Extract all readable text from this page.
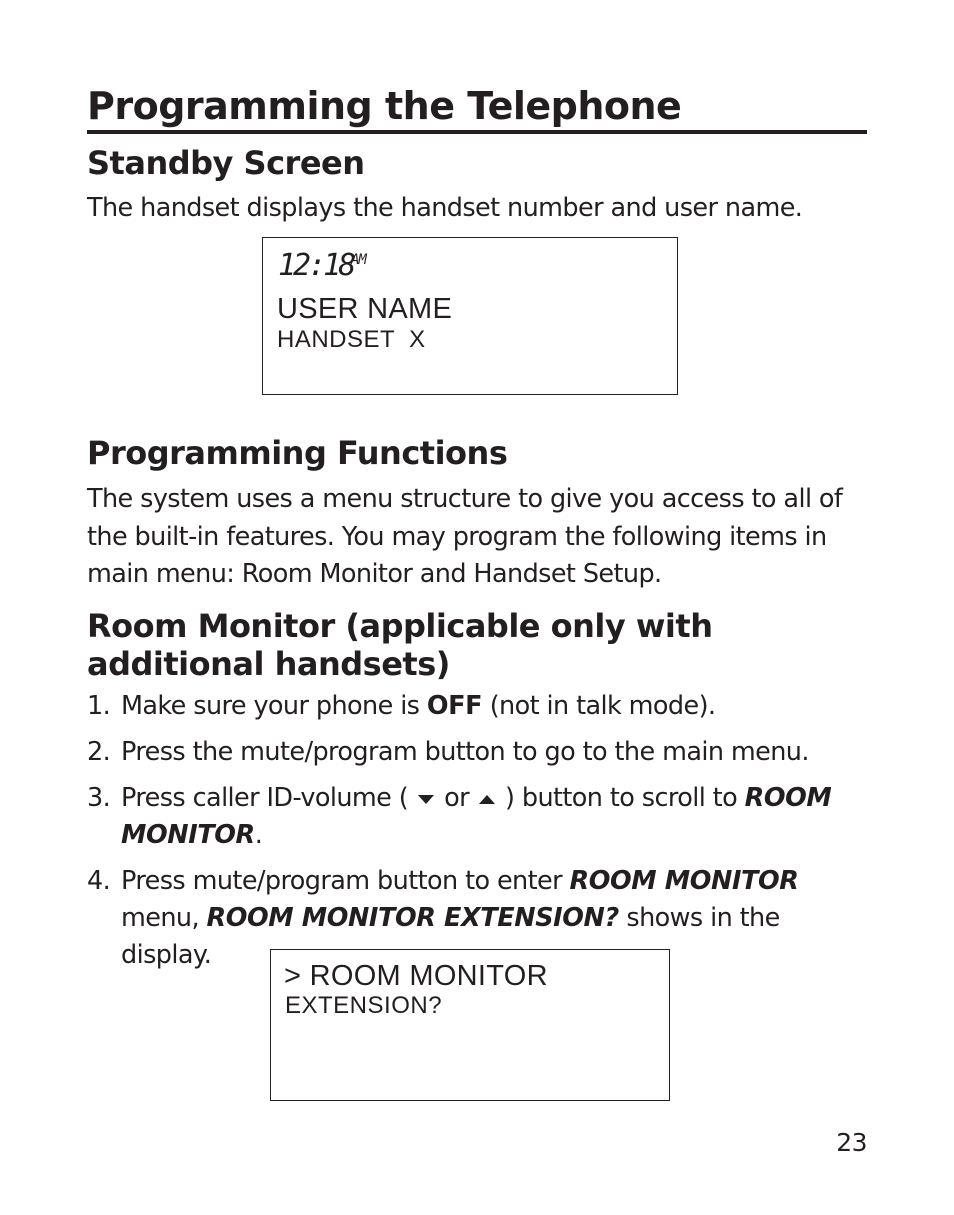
Programming the Telephone
Standby Screen

The handset displays the handset number and user name.

12:18
AM
USER NAME
HANDSET  X
Programming Functions

The system uses a menu structure to give you access to all of the built-in features. You may program the following items in main menu: Room Monitor and Handset Setup.

Room Monitor (applicable only with additional handsets)
1. Make sure your phone is OFF (not in talk mode).
2. Press the mute/program button to go to the main menu.
3. Press caller ID-volume ( or ) button to scroll to ROOM MONITOR.
4. Press mute/program button to enter ROOM MONITOR menu, ROOM MONITOR EXTENSION? shows in the display.
> ROOM MONITOR
EXTENSION?
23
